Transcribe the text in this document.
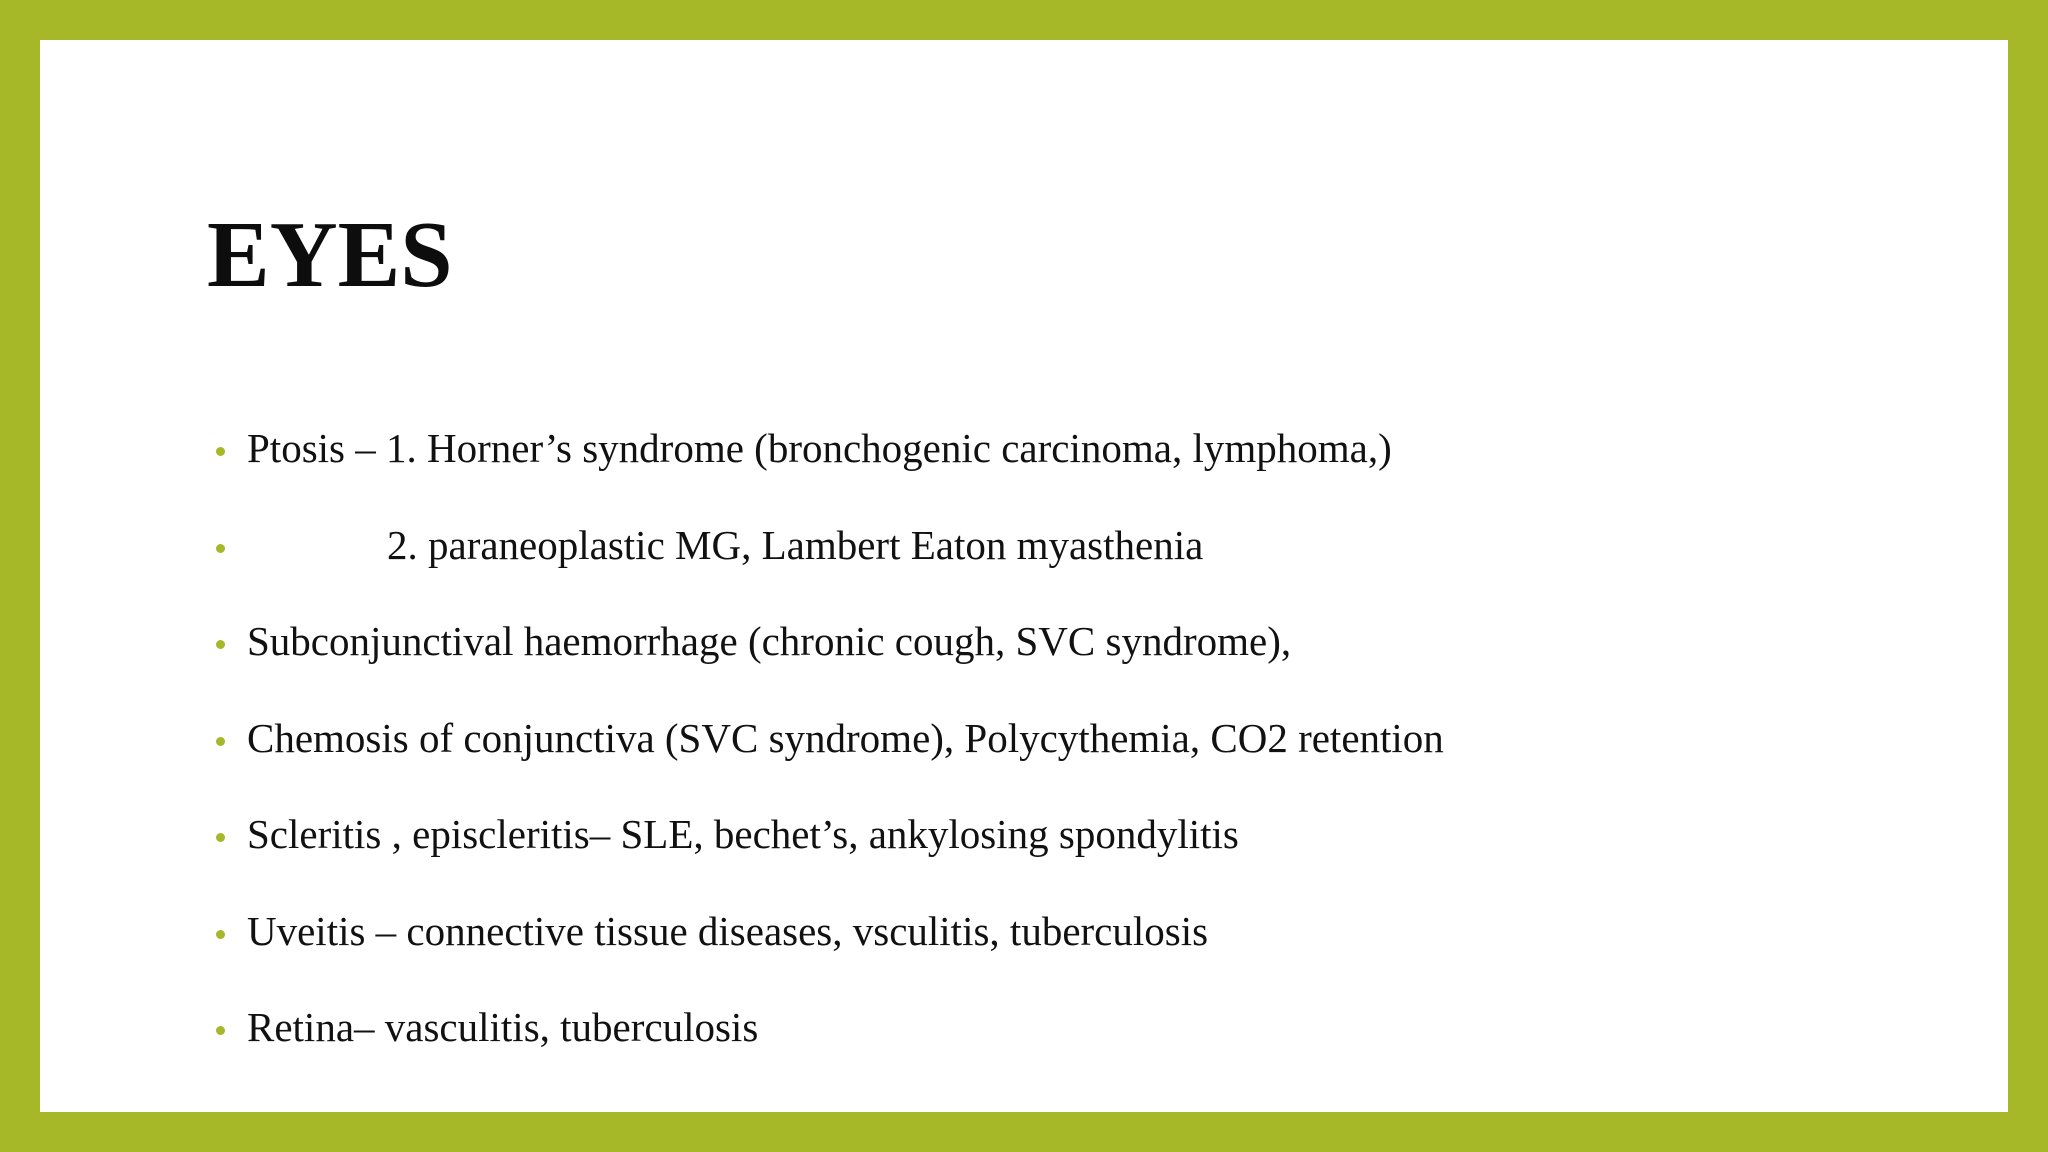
EYES
Ptosis – 1. Horner’s syndrome (bronchogenic carcinoma, lymphoma,)
2. paraneoplastic MG, Lambert Eaton myasthenia
Subconjunctival haemorrhage (chronic cough, SVC syndrome),
Chemosis of conjunctiva (SVC syndrome), Polycythemia, CO2 retention
Scleritis , episcleritis– SLE, bechet’s, ankylosing spondylitis
Uveitis – connective tissue diseases, vsculitis, tuberculosis
Retina– vasculitis, tuberculosis
